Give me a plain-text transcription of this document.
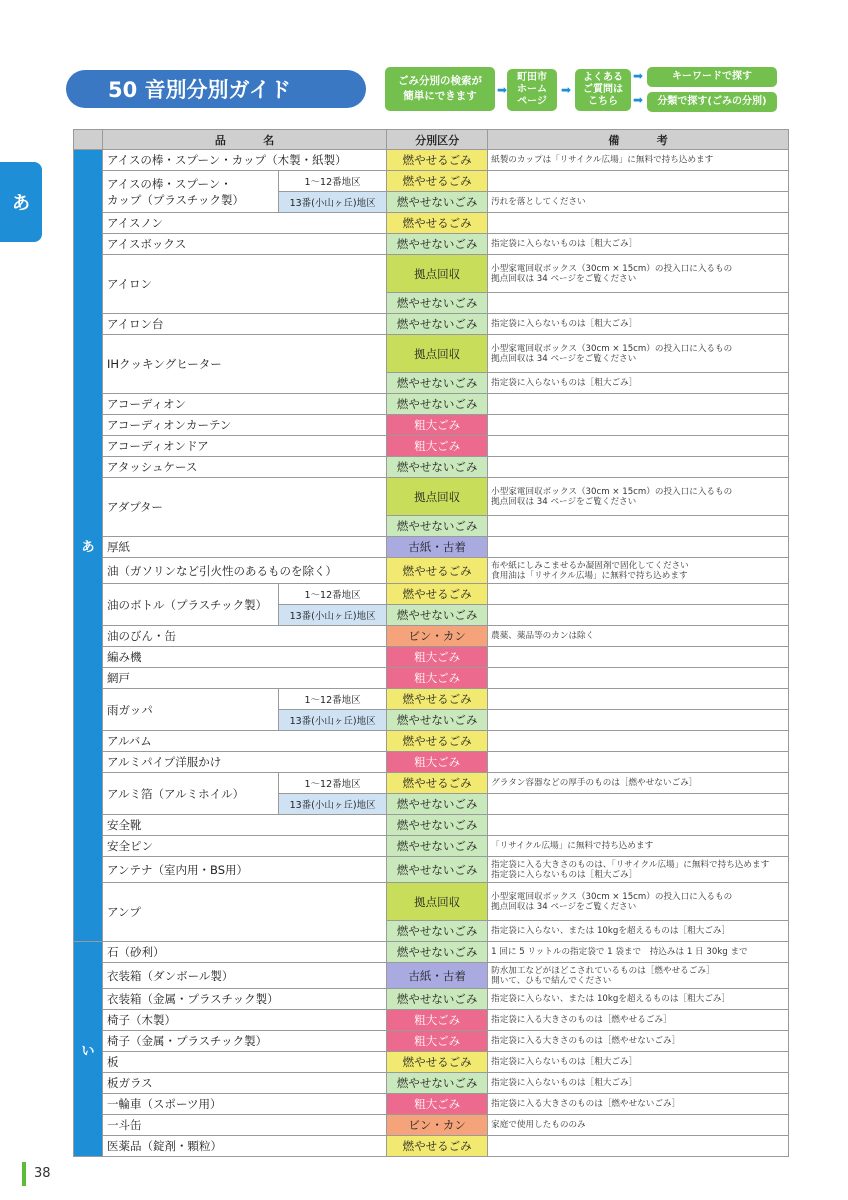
あ
50 音別分別ガイド	ごみ分別の検索が
簡単にできます	➡
町田市
ホーム
ページ
➡
よくある
ご質問は
こちら
➡
➡
キーワードで探す
分類で探す(ごみの分別)
	品　名		分別区分	備　考
あ	アイスの棒・スプーン・カップ（木製・紙製）		燃やせるごみ	紙製のカップは「リサイクル広場」に無料で持ち込めます
	アイスの棒・スプーン・
カップ（プラスチック製）	1〜12番地区	燃やせるごみ	
		13番(小山ヶ丘)地区	燃やせないごみ	汚れを落としてください
	アイスノン		燃やせるごみ	
	アイスボックス		燃やせないごみ	指定袋に入らないものは［粗大ごみ］
	アイロン		拠点回収	小型家電回収ボックス（30cm × 15cm）の投入口に入るもの
拠点回収は 34 ページをご覧ください
			燃やせないごみ	
	アイロン台		燃やせないごみ	指定袋に入らないものは［粗大ごみ］
	IHクッキングヒーター		拠点回収	小型家電回収ボックス（30cm × 15cm）の投入口に入るもの
拠点回収は 34 ページをご覧ください
			燃やせないごみ	指定袋に入らないものは［粗大ごみ］
	アコーディオン		燃やせないごみ	
	アコーディオンカーテン		粗大ごみ	
	アコーディオンドア		粗大ごみ	
	アタッシュケース		燃やせないごみ	
	アダプター		拠点回収	小型家電回収ボックス（30cm × 15cm）の投入口に入るもの
拠点回収は 34 ページをご覧ください
			燃やせないごみ	
	厚紙		古紙・古着	
	油（ガソリンなど引火性のあるものを除く）		燃やせるごみ	布や紙にしみこませるか凝固剤で固化してください
食用油は「リサイクル広場」に無料で持ち込めます
	油のボトル（プラスチック製）	1〜12番地区	燃やせるごみ	
		13番(小山ヶ丘)地区	燃やせないごみ	
	油のびん・缶		ビン・カン	農薬、薬品等のカンは除く
	編み機		粗大ごみ	
	網戸		粗大ごみ	
	雨ガッパ	1〜12番地区	燃やせるごみ	
		13番(小山ヶ丘)地区	燃やせないごみ	
	アルバム		燃やせるごみ	
	アルミパイプ洋服かけ		粗大ごみ	
	アルミ箔（アルミホイル）	1〜12番地区	燃やせるごみ	グラタン容器などの厚手のものは［燃やせないごみ］
		13番(小山ヶ丘)地区	燃やせないごみ	
	安全靴		燃やせないごみ	
	安全ピン		燃やせないごみ	「リサイクル広場」に無料で持ち込めます
	アンテナ（室内用・BS用）		燃やせないごみ	指定袋に入る大きさのものは、「リサイクル広場」に無料で持ち込めます
指定袋に入らないものは［粗大ごみ］
	アンプ		拠点回収	小型家電回収ボックス（30cm × 15cm）の投入口に入るもの
拠点回収は 34 ページをご覧ください
			燃やせないごみ	指定袋に入らない、または 10kgを超えるものは［粗大ごみ］
い	石（砂利）		燃やせないごみ	1 回に 5 リットルの指定袋で 1 袋まで　持込みは 1 日 30kg まで
	衣装箱（ダンボール製）		古紙・古着	防水加工などがほどこされているものは［燃やせるごみ］
開いて、ひもで結んでください
	衣装箱（金属・プラスチック製）		燃やせないごみ	指定袋に入らない、または 10kgを超えるものは［粗大ごみ］
	椅子（木製）		粗大ごみ	指定袋に入る大きさのものは［燃やせるごみ］
	椅子（金属・プラスチック製）		粗大ごみ	指定袋に入る大きさのものは［燃やせないごみ］
	板		燃やせるごみ	指定袋に入らないものは［粗大ごみ］
	板ガラス		燃やせないごみ	指定袋に入らないものは［粗大ごみ］
	一輪車（スポーツ用）		粗大ごみ	指定袋に入る大きさのものは［燃やせないごみ］
	一斗缶		ビン・カン	家庭で使用したもののみ
	医薬品（錠剤・顆粒）		燃やせるごみ	
38
